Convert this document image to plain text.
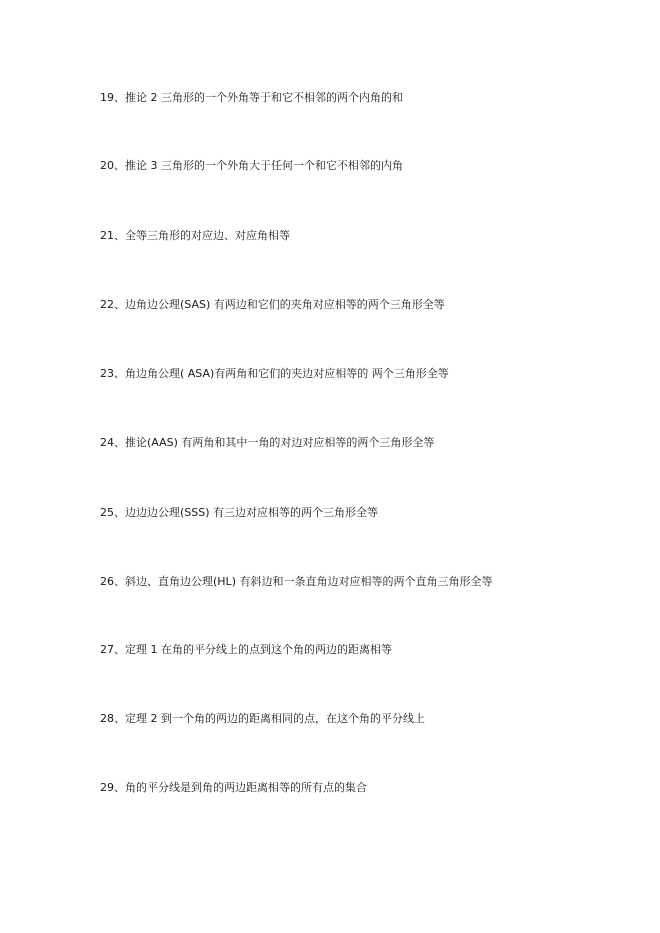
19、推论 2 三角形的一个外角等于和它不相邻的两个内角的和
20、推论 3 三角形的一个外角大于任何一个和它不相邻的内角
21、全等三角形的对应边、对应角相等
22、边角边公理(SAS) 有两边和它们的夹角对应相等的两个三角形全等
23、角边角公理( ASA)有两角和它们的夹边对应相等的 两个三角形全等
24、推论(AAS) 有两角和其中一角的对边对应相等的两个三角形全等
25、边边边公理(SSS) 有三边对应相等的两个三角形全等
26、斜边、直角边公理(HL) 有斜边和一条直角边对应相等的两个直角三角形全等
27、定理 1 在角的平分线上的点到这个角的两边的距离相等
28、定理 2 到一个角的两边的距离相同的点，在这个角的平分线上
29、角的平分线是到角的两边距离相等的所有点的集合
